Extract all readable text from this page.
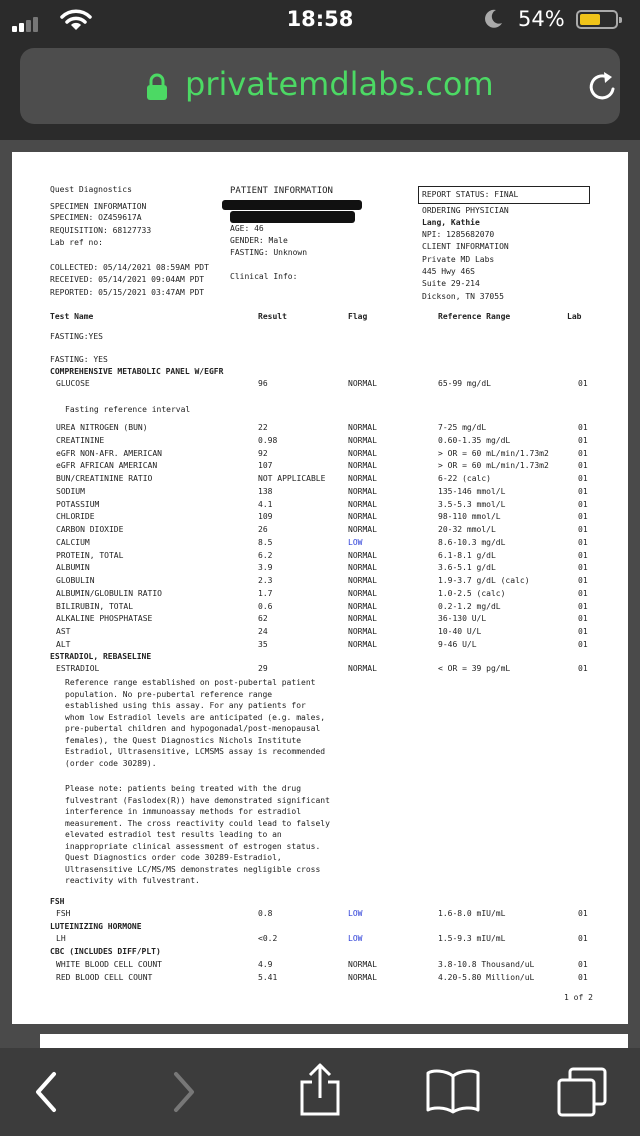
18:58	54%
privatemdlabs.com
Quest Diagnostics
SPECIMEN INFORMATION
SPECIMEN: OZ459617A
REQUISITION: 68127733
Lab ref no:
COLLECTED: 05/14/2021 08:59AM PDT
RECEIVED: 05/14/2021 09:04AM PDT
REPORTED: 05/15/2021 03:47AM PDT
PATIENT INFORMATION
AGE: 46
GENDER: Male
FASTING: Unknown
Clinical Info:
REPORT STATUS: FINAL
ORDERING PHYSICIAN
Lang, Kathie
NPI: 1285682070
CLIENT INFORMATION
Private MD Labs
445 Hwy 46S
Suite 29-214
Dickson, TN 37055
Test Name	Result	Flag	Reference Range	Lab
FASTING:YES
FASTING: YES
COMPREHENSIVE METABOLIC PANEL W/EGFR
GLUCOSE	96	NORMAL	65-99 mg/dL	01
Fasting reference interval
UREA NITROGEN (BUN)	22	NORMAL	7-25 mg/dL	01
CREATININE	0.98	NORMAL	0.60-1.35 mg/dL	01
eGFR NON-AFR. AMERICAN	92	NORMAL	> OR = 60 mL/min/1.73m2	01
eGFR AFRICAN AMERICAN	107	NORMAL	> OR = 60 mL/min/1.73m2	01
BUN/CREATININE RATIO	NOT APPLICABLE	NORMAL	6-22 (calc)	01
SODIUM	138	NORMAL	135-146 mmol/L	01
POTASSIUM	4.1	NORMAL	3.5-5.3 mmol/L	01
CHLORIDE	109	NORMAL	98-110 mmol/L	01
CARBON DIOXIDE	26	NORMAL	20-32 mmol/L	01
CALCIUM	8.5	LOW	8.6-10.3 mg/dL	01
PROTEIN, TOTAL	6.2	NORMAL	6.1-8.1 g/dL	01
ALBUMIN	3.9	NORMAL	3.6-5.1 g/dL	01
GLOBULIN	2.3	NORMAL	1.9-3.7 g/dL (calc)	01
ALBUMIN/GLOBULIN RATIO	1.7	NORMAL	1.0-2.5 (calc)	01
BILIRUBIN, TOTAL	0.6	NORMAL	0.2-1.2 mg/dL	01
ALKALINE PHOSPHATASE	62	NORMAL	36-130 U/L	01
AST	24	NORMAL	10-40 U/L	01
ALT	35	NORMAL	9-46 U/L	01
ESTRADIOL, REBASELINE
ESTRADIOL	29	NORMAL	< OR = 39 pg/mL	01
Reference range established on post-pubertal patient
population. No pre-pubertal reference range
established using this assay. For any patients for
whom low Estradiol levels are anticipated (e.g. males,
pre-pubertal children and hypogonadal/post-menopausal
females), the Quest Diagnostics Nichols Institute
Estradiol, Ultrasensitive, LCMSMS assay is recommended
(order code 30289).
Please note: patients being treated with the drug
fulvestrant (Faslodex(R)) have demonstrated significant
interference in immunoassay methods for estradiol
measurement. The cross reactivity could lead to falsely
elevated estradiol test results leading to an
inappropriate clinical assessment of estrogen status.
Quest Diagnostics order code 30289-Estradiol,
Ultrasensitive LC/MS/MS demonstrates negligible cross
reactivity with fulvestrant.
FSH
FSH	0.8	LOW	1.6-8.0 mIU/mL	01
LUTEINIZING HORMONE
LH	<0.2	LOW	1.5-9.3 mIU/mL	01
CBC (INCLUDES DIFF/PLT)
WHITE BLOOD CELL COUNT	4.9	NORMAL	3.8-10.8 Thousand/uL	01
RED BLOOD CELL COUNT	5.41	NORMAL	4.20-5.80 Million/uL	01
1 of 2
